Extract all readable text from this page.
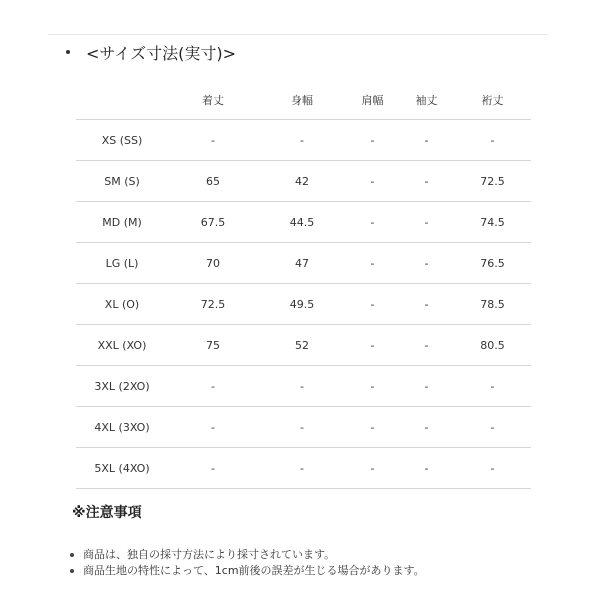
<サイズ寸法(実寸)>
	着丈	身幅	肩幅	袖丈	裄丈
XS (SS)	-	-	-	-	-
SM (S)	65	42	-	-	72.5
MD (M)	67.5	44.5	-	-	74.5
LG (L)	70	47	-	-	76.5
XL (O)	72.5	49.5	-	-	78.5
XXL (XO)	75	52	-	-	80.5
3XL (2XO)	-	-	-	-	-
4XL (3XO)	-	-	-	-	-
5XL (4XO)	-	-	-	-	-
※注意事項
商品は、独自の採寸方法により採寸されています。
商品生地の特性によって、1cm前後の誤差が生じる場合があります。
